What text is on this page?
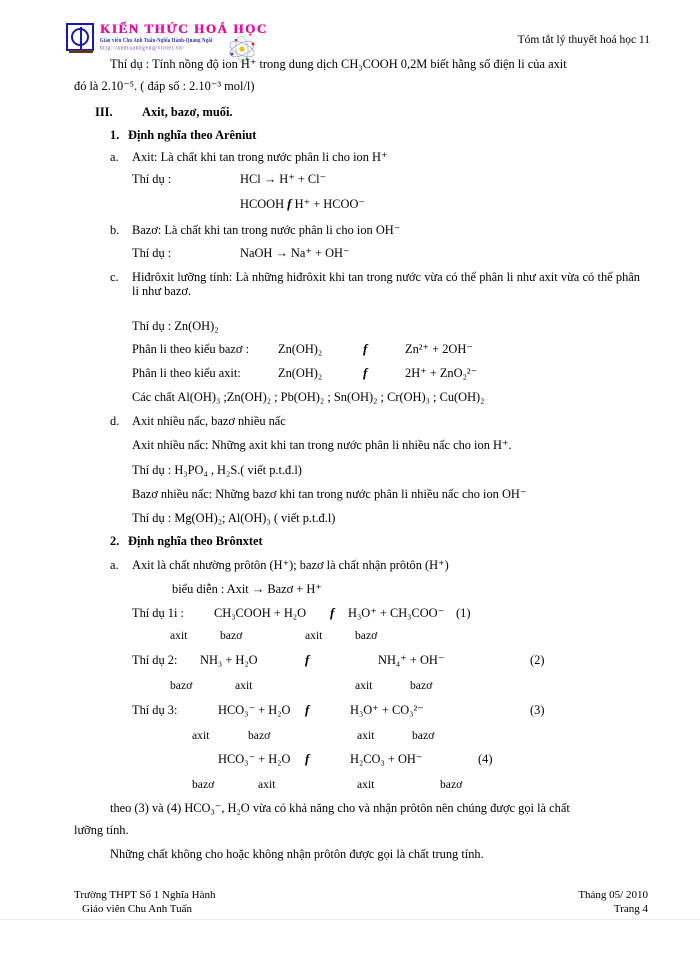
KIẾN THỨC HOÁ HỌC
Giáo viên Chu Anh Tuấn-Nghĩa Hành-Quảng Ngãi
http://anhtuanngvn@violet.vn/
Tóm tắt lý thuyết hoá học 11
Thí dụ : Tính nồng độ ion H⁺ trong dung dịch CH₃COOH 0,2M biết hằng số điện li của axit
đó là 2.10⁻⁵. ( đáp số : 2.10⁻³ mol/l)
III. Axit, bazơ, muối.
1. Định nghĩa theo Arêniut
a. Axit: Là chất khi tan trong nước phân li cho ion H⁺
Thí dụ :	HCl → H⁺ + Cl⁻
HCOOH f H⁺ + HCOO⁻
b. Bazơ: Là chất khi tan trong nước phân li cho ion OH⁻
Thí dụ :	NaOH → Na⁺ + OH⁻
c. Hiđrôxit lưỡng tính: Là những hiđrôxit khi tan trong nước vừa có thể phân li như axit vừa có thể phân li như bazơ.
Thí dụ : Zn(OH)₂
Phân li theo kiểu bazơ : Zn(OH)₂	f	Zn²⁺ + 2OH⁻
Phân li theo kiểu axit:	Zn(OH)₂	f	2H⁺ + ZnO₂²⁻
Các chất Al(OH)₃ ;Zn(OH)₂ ; Pb(OH)₂ ; Sn(OH)₂ ; Cr(OH)₃ ; Cu(OH)₂
d. Axit nhiều nấc, bazơ nhiều nấc
Axit nhiều nấc: Những axit khi tan trong nước phân li nhiều nấc cho ion H⁺.
Thí dụ : H₃PO₄ , H₂S.( viết p.t.đ.l)
Bazơ nhiều nấc: Những bazơ khi tan trong nước phân li nhiều nấc cho ion OH⁻
Thí dụ : Mg(OH)₂; Al(OH)₃ ( viết p.t.đ.l)
2. Định nghĩa theo Brônxtet
a. Axit là chất nhường prôtôn (H⁺); bazơ là chất nhận prôtôn (H⁺)
biểu diễn : Axit → Bazơ + H⁺
Thí dụ 1i : CH₃COOH + H₂O f H₃O⁺ + CH₃COO⁻ (1)
axit	bazơ	axit	bazơ
Thí dụ 2: NH₃ + H₂O	f	NH₄⁺ + OH⁻	(2)
bazơ	axit	axit	bazơ
Thí dụ 3:	HCO₃⁻ + H₂O f	H₃O⁺ + CO₃²⁻	(3)
axit	bazơ	axit	bazơ
HCO₃⁻ + H₂O f	H₂CO₃ + OH⁻	(4)
bazơ	axit	axit	bazơ
theo (3) và (4) HCO₃⁻, H₂O vừa có khả năng cho và nhận prôtôn nên chúng được gọi là chất
lưỡng tính.
Những chất không cho hoặc không nhận prôtôn được gọi là chất trung tính.
Trường THPT Số 1 Nghĩa Hành
Giáo viên Chu Anh Tuấn
Tháng 05/ 2010
Trang 4
